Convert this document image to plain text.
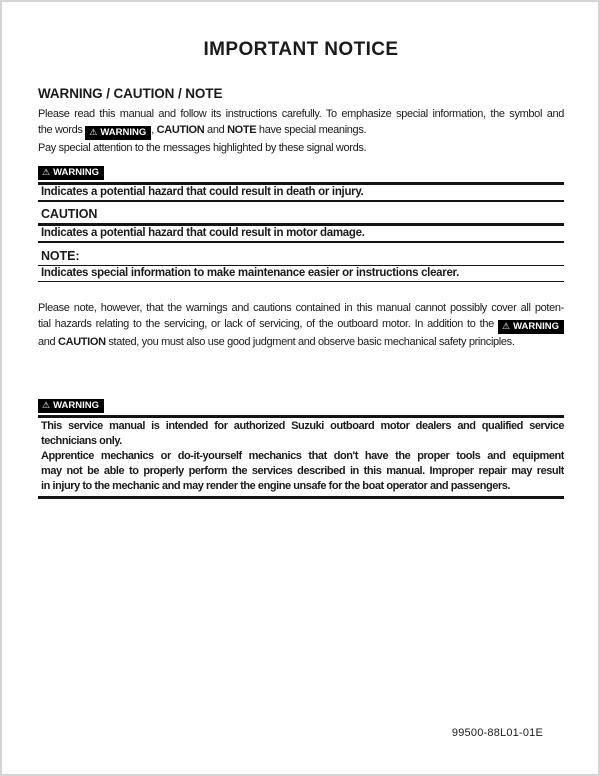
IMPORTANT NOTICE
WARNING / CAUTION / NOTE
Please read this manual and follow its instructions carefully. To emphasize special information, the symbol and
the words ⚠ WARNING , CAUTION and NOTE have special meanings.
Pay special attention to the messages highlighted by these signal words.
⚠ WARNING
Indicates a potential hazard that could result in death or injury.
CAUTION
Indicates a potential hazard that could result in motor damage.
NOTE:
Indicates special information to make maintenance easier or instructions clearer.
Please note, however, that the warnings and cautions contained in this manual cannot possibly cover all poten-
tial hazards relating to the servicing, or lack of servicing, of the outboard motor. In addition to the ⚠ WARNING
and CAUTION stated, you must also use good judgment and observe basic mechanical safety principles.
⚠ WARNING
This service manual is intended for authorized Suzuki outboard motor dealers and qualified service
technicians only.
Apprentice mechanics or do-it-yourself mechanics that don't have the proper tools and equipment
may not be able to properly perform the services described in this manual. Improper repair may result
in injury to the mechanic and may render the engine unsafe for the boat operator and passengers.
99500-88L01-01E
